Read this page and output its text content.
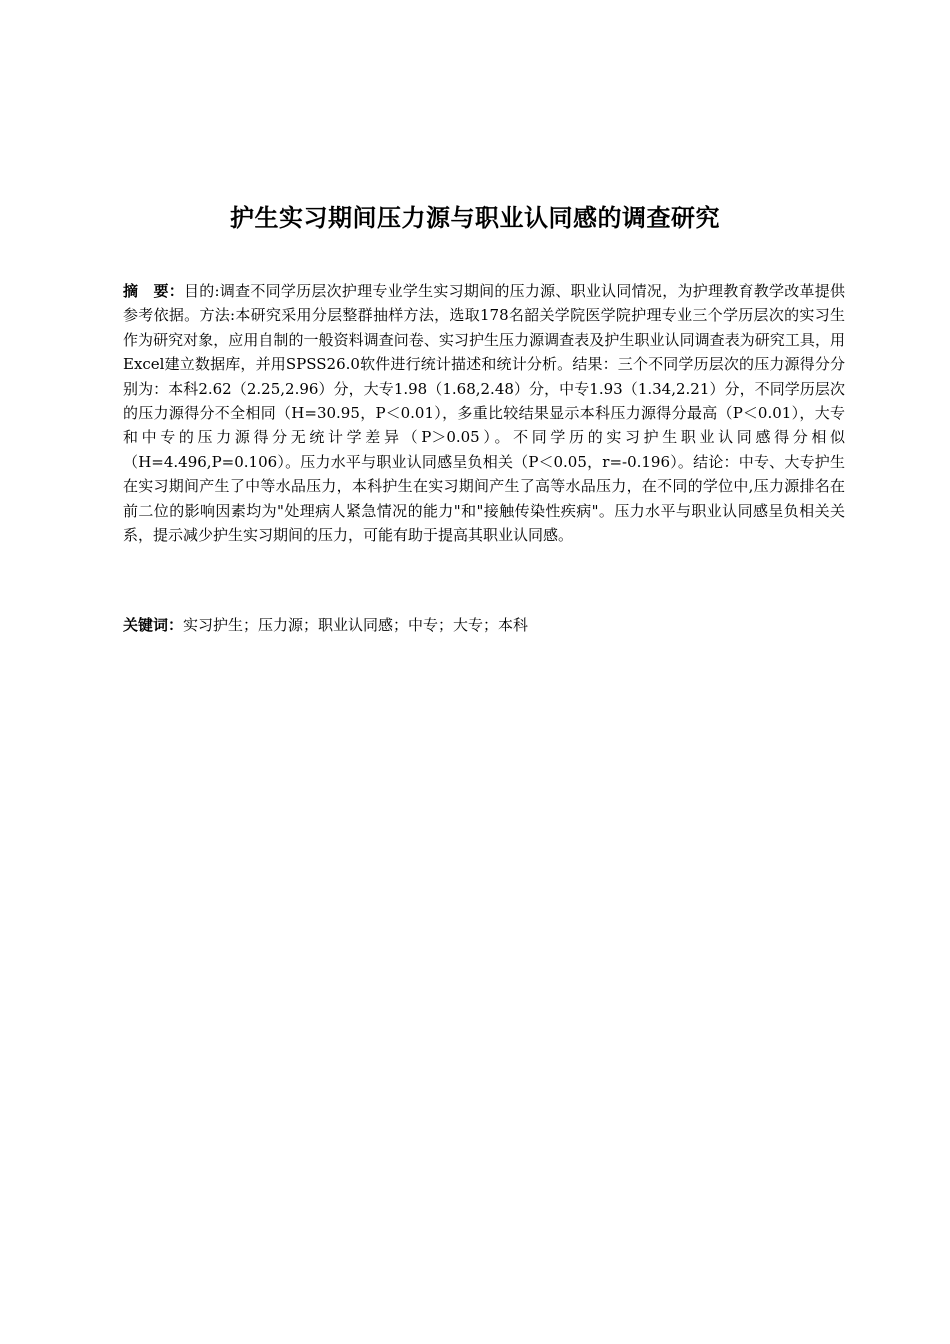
护生实习期间压力源与职业认同感的调查研究

摘　要：目的:调查不同学历层次护理专业学生实习期间的压力源、职业认同情况，为护理教育教学改革提供参考依据。方法:本研究采用分层整群抽样方法，选取178名韶关学院医学院护理专业三个学历层次的实习生作为研究对象，应用自制的一般资料调查问卷、实习护生压力源调查表及护生职业认同调查表为研究工具，用Excel建立数据库，并用SPSS26.0软件进行统计描述和统计分析。结果：三个不同学历层次的压力源得分分别为：本科2.62（2.25,2.96）分，大专1.98（1.68,2.48）分，中专1.93（1.34,2.21）分，不同学历层次的压力源得分不全相同（H=30.95，P＜0.01），多重比较结果显示本科压力源得分最高（P＜0.01），大专和中专的压力源得分无统计学差异（P＞0.05）。不同学历的实习护生职业认同感得分相似（H=4.496,P=0.106）。压力水平与职业认同感呈负相关（P＜0.05，r=-0.196）。结论：中专、大专护生在实习期间产生了中等水品压力，本科护生在实习期间产生了高等水品压力，在不同的学位中,压力源排名在前二位的影响因素均为"处理病人紧急情况的能力"和"接触传染性疾病"。压力水平与职业认同感呈负相关关系，提示减少护生实习期间的压力，可能有助于提高其职业认同感。

关键词：实习护生；压力源；职业认同感；中专；大专；本科
